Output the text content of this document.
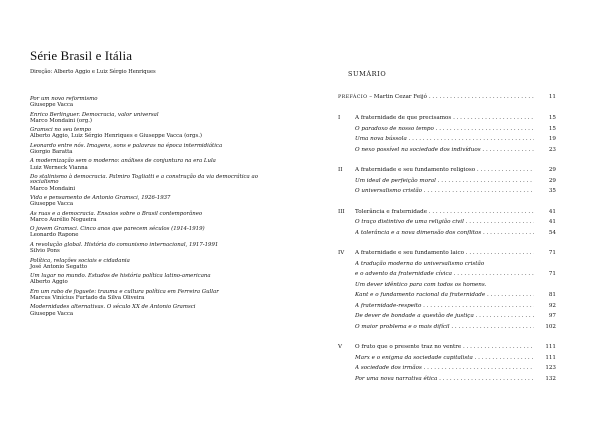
Série Brasil e Itália
Direção: Alberto Aggio e Luiz Sérgio Henriques
Por um novo reformismo
Giuseppe Vacca
Enrico Berlinguer. Democracia, valor universal
Marco Mondaini (org.)
Gramsci no seu tempo
Alberto Aggio, Luiz Sérgio Henriques e Giuseppe Vacca (orgs.)
Leonardo entre nós. Imagens, sons e palavras na época intermidiática
Giorgio Baratta
A modernização sem o moderno: análises de conjuntura na era Lula
Luiz Werneck Vianna
Do stalinismo à democracia. Palmiro Togliatti e a construção da via democrática ao socialismo
Marco Mondaini
Vida e pensamento de Antonio Gramsci, 1926-1937
Giuseppe Vacca
As ruas e a democracia. Ensaios sobre o Brasil contemporâneo
Marco Aurélio Nogueira
O jovem Gramsci. Cinco anos que parecem séculos (1914-1919)
Leonardo Rapone
A revolução global. História do comunismo internacional, 1917-1991
Silvio Pons
Política, relações sociais e cidadania
José Antonio Segatto
Um lugar no mundo. Estudos de história política latino-americana
Alberto Aggio
Em um rabo de foguete: trauma e cultura política em Ferreira Gullar
Marcus Vinícius Furtado da Silva Oliveira
Modernidades alternativas. O século XX de Antonio Gramsci
Giuseppe Vacca
SUMÁRIO
PREFÁCIO – Martin Cezar Feijó . . .	11
I	A fraternidade de que precisamos . . .	15
O paradoxo de nosso tempo . . .	15
Uma nova bússola . . .	19
O nexo possível na sociedade dos indivíduos . . .	23
II A fraternidade e seu fundamento religioso . . .	29
Um ideal de perfeição moral . . .	29
O universalismo cristão . . .	35
III Tolerância e fraternidade . . .	41
O traço distintivo de uma religião civil . . .	41
A tolerância e a nova dimensão dos conflitos . . .	54
IV A fraternidade e seu fundamento laico . . .	71
A tradução moderna do universalismo cristão
e o advento da fraternidade cívica . . .	71
Um dever idêntico para com todos os homens.
Kant e o fundamento racional da fraternidade . . .	81
A fraternidade-respeito . . .	92
De dever de bondade a questão de justiça . . .	97
O maior problema e o mais difícil . . .	102
V O fruto que o presente traz no ventre . . .	111
Marx e o enigma da sociedade capitalista . . .	111
A sociedade dos irmãos . . .	123
Por uma nova narrativa ética . . .	132
